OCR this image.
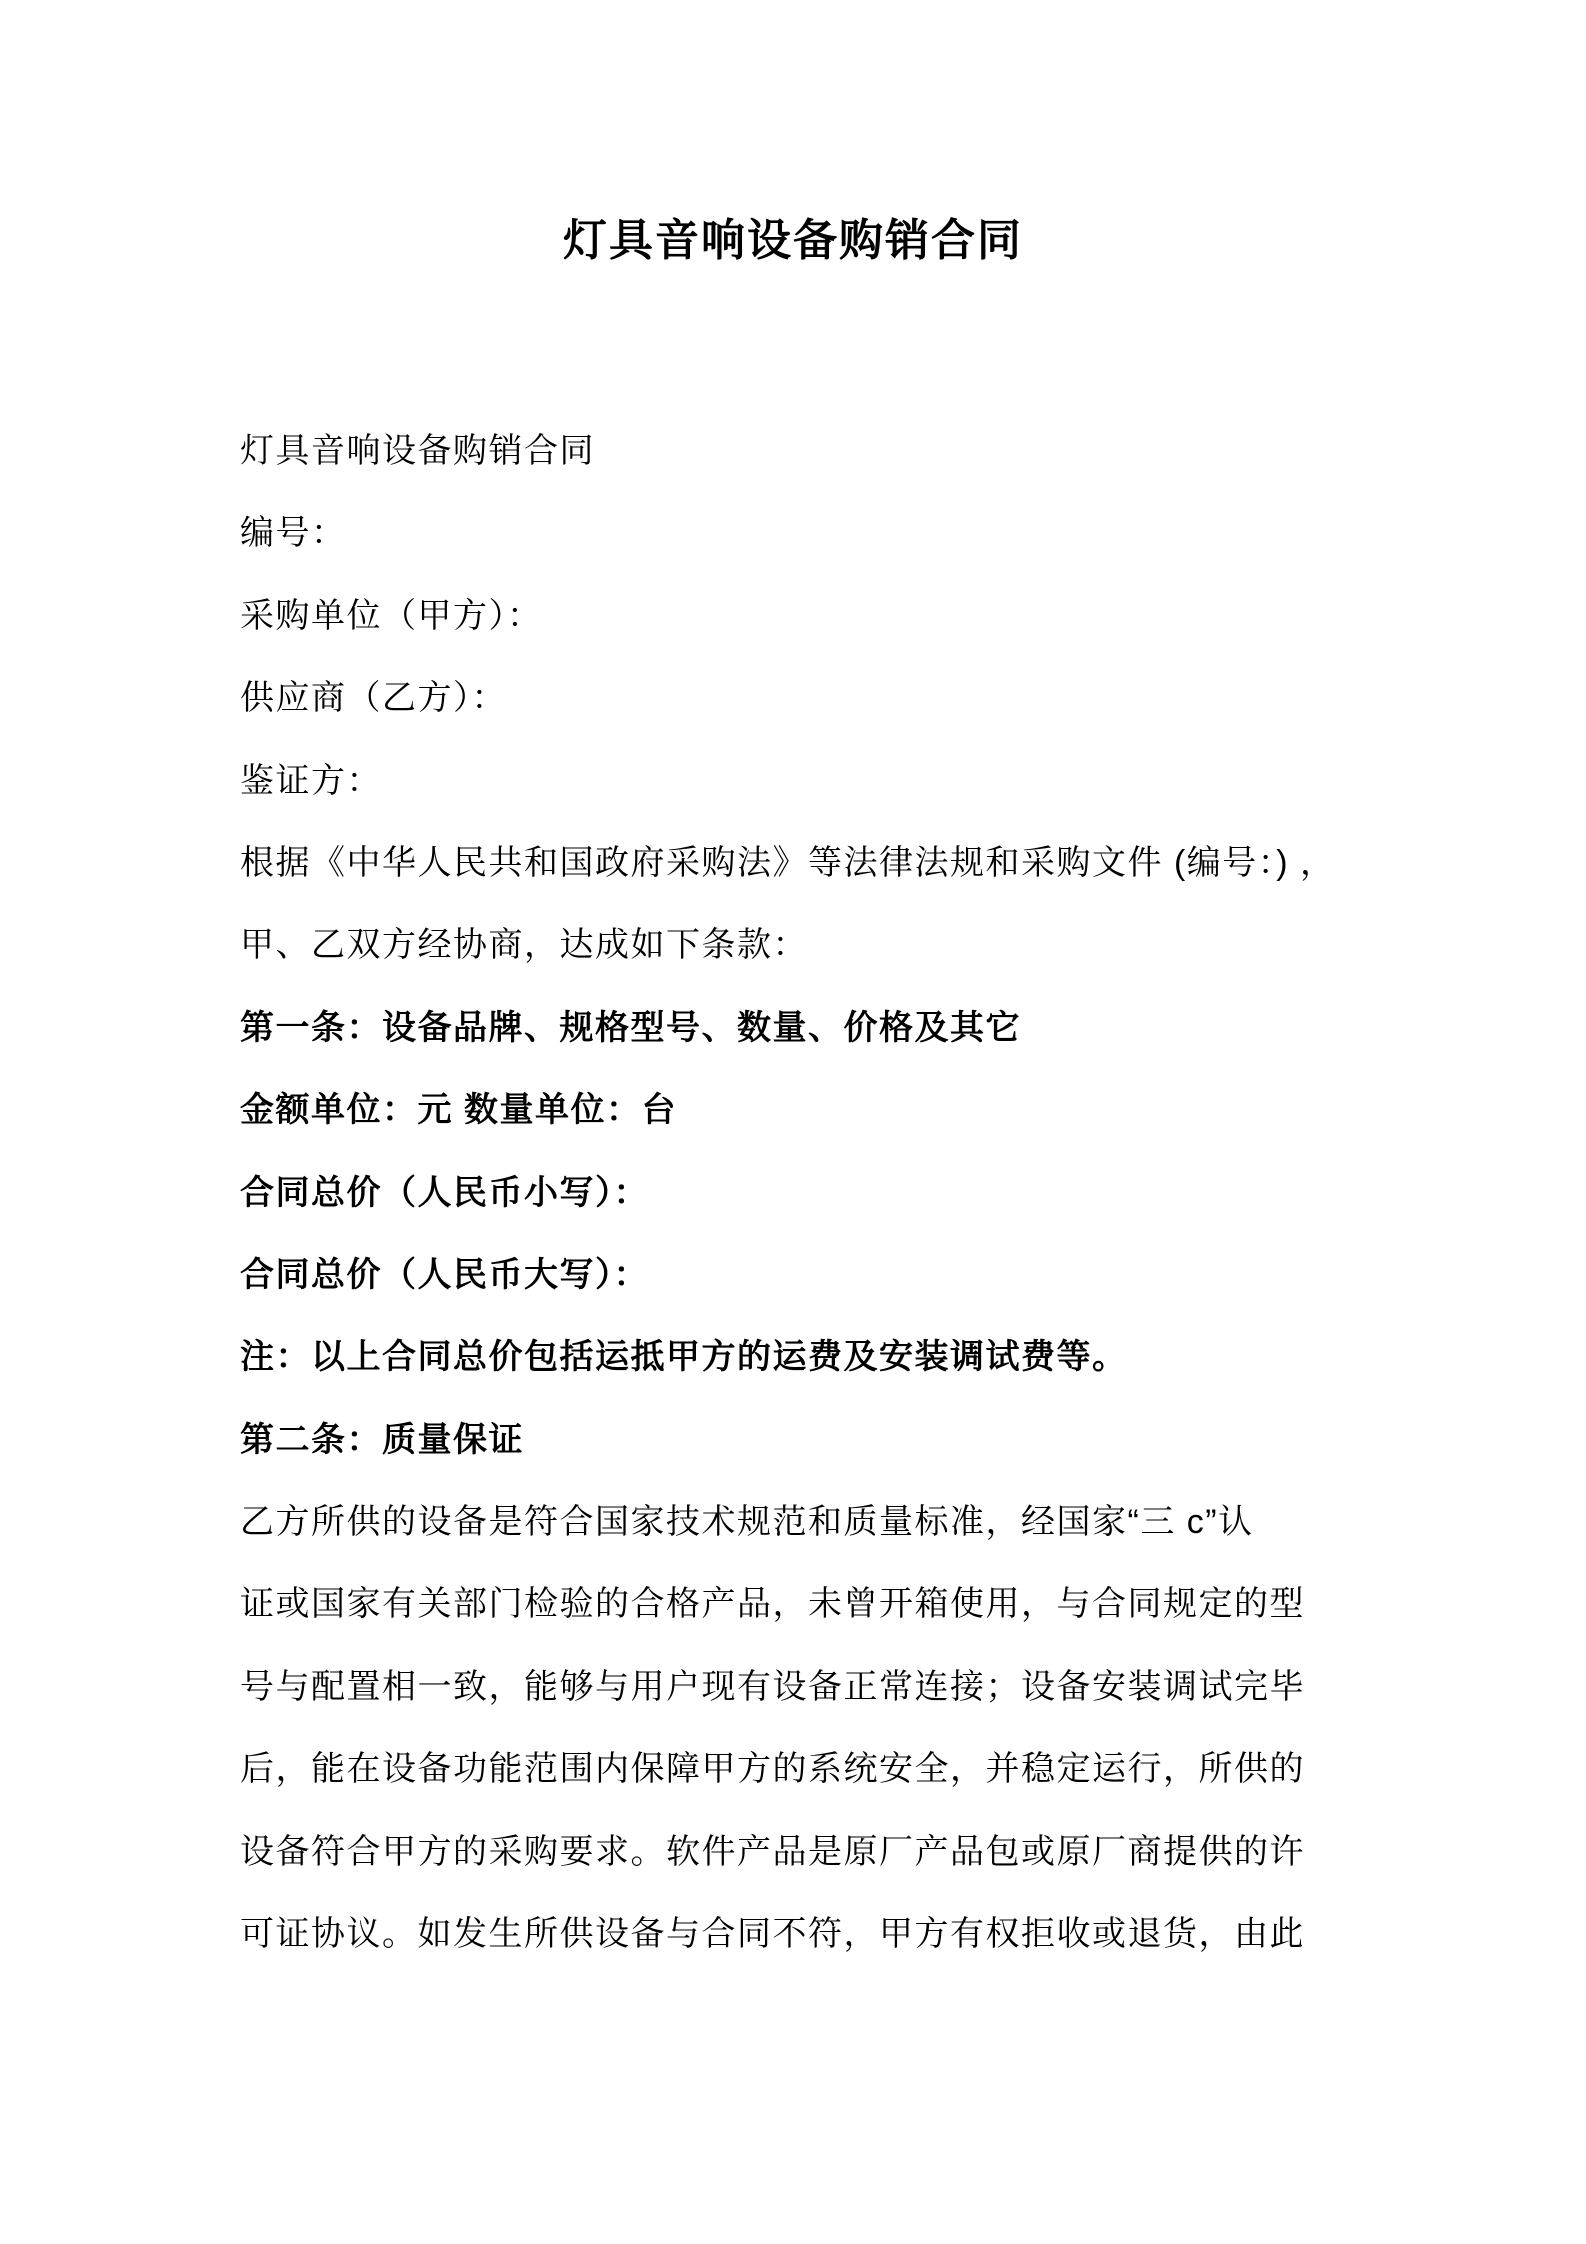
灯具音响设备购销合同
灯具音响设备购销合同
编号：
采购单位（甲方）：
供应商（乙方）：
鉴证方：
根据《中华人民共和国政府采购法》等法律法规和采购文件 (编号：) ，
甲、乙双方经协商，达成如下条款：
第一条：设备品牌、规格型号、数量、价格及其它
金额单位：元 数量单位：台
合同总价（人民币小写）：
合同总价（人民币大写）：
注：以上合同总价包括运抵甲方的运费及安装调试费等。
第二条：质量保证
乙方所供的设备是符合国家技术规范和质量标准，经国家“三 c”认
证或国家有关部门检验的合格产品，未曾开箱使用，与合同规定的型
号与配置相一致，能够与用户现有设备正常连接；设备安装调试完毕
后，能在设备功能范围内保障甲方的系统安全，并稳定运行，所供的
设备符合甲方的采购要求。软件产品是原厂产品包或原厂商提供的许
可证协议。如发生所供设备与合同不符，甲方有权拒收或退货，由此
